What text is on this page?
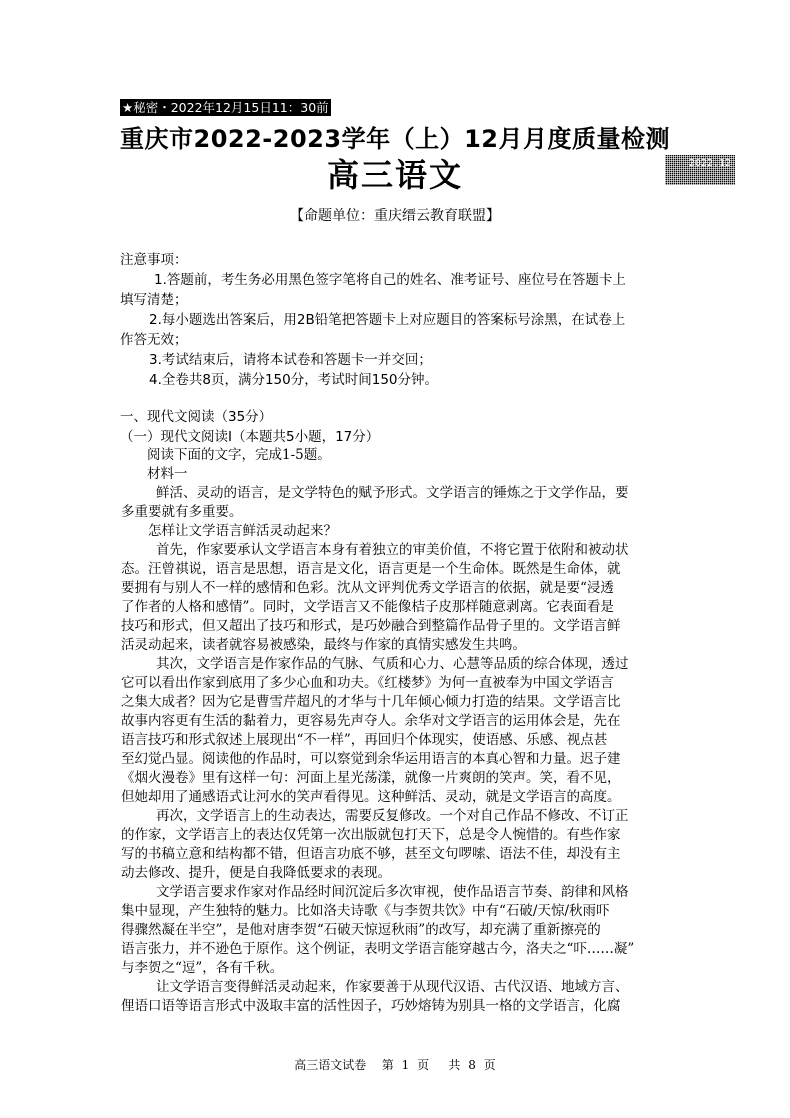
★秘密・2022年12月15日11：30前
重庆市2022-2023学年（上）12月月度质量检测
高三语文	2022.12
【命题单位：重庆缙云教育联盟】
注意事项：
1.答题前，考生务必用黑色签字笔将自己的姓名、准考证号、座位号在答题卡上
填写清楚；
2.每小题选出答案后，用2B铅笔把答题卡上对应题目的答案标号涂黑，在试卷上
作答无效；
3.考试结束后，请将本试卷和答题卡一并交回；
4.全卷共8页，满分150分，考试时间150分钟。
一、现代文阅读（35分）
（一）现代文阅读Ⅰ（本题共5小题，17分）
阅读下面的文字，完成1-5题。
材料一
鲜活、灵动的语言，是文学特色的赋予形式。文学语言的锤炼之于文学作品，要
多重要就有多重要。
怎样让文学语言鲜活灵动起来？
首先，作家要承认文学语言本身有着独立的审美价值，不将它置于依附和被动状
态。汪曾祺说，语言是思想，语言是文化，语言更是一个生命体。既然是生命体，就
要拥有与别人不一样的感情和色彩。沈从文评判优秀文学语言的依据，就是要“浸透
了作者的人格和感情”。同时，文学语言又不能像桔子皮那样随意剥离。它表面看是
技巧和形式，但又超出了技巧和形式，是巧妙融合到整篇作品骨子里的。文学语言鲜
活灵动起来，读者就容易被感染，最终与作家的真情实感发生共鸣。
其次，文学语言是作家作品的气脉、气质和心力、心慧等品质的综合体现，透过
它可以看出作家到底用了多少心血和功夫。《红楼梦》为何一直被奉为中国文学语言
之集大成者？因为它是曹雪芹超凡的才华与十几年倾心倾力打造的结果。文学语言比
故事内容更有生活的黏着力，更容易先声夺人。余华对文学语言的运用体会是，先在
语言技巧和形式叙述上展现出“不一样”，再回归个体现实，使语感、乐感、视点甚
至幻觉凸显。阅读他的作品时，可以察觉到余华运用语言的本真心智和力量。迟子建
《烟火漫卷》里有这样一句：河面上星光荡漾，就像一片爽朗的笑声。笑，看不见，
但她却用了通感语式让河水的笑声看得见。这种鲜活、灵动，就是文学语言的高度。
再次，文学语言上的生动表达，需要反复修改。一个对自己作品不修改、不订正
的作家，文学语言上的表达仅凭第一次出版就包打天下，总是令人惋惜的。有些作家
写的书稿立意和结构都不错，但语言功底不够，甚至文句啰嗦、语法不佳，却没有主
动去修改、提升，便是自我降低要求的表现。
文学语言要求作家对作品经时间沉淀后多次审视，使作品语言节奏、韵律和风格
集中显现，产生独特的魅力。比如洛夫诗歌《与李贺共饮》中有“石破/天惊/秋雨吓
得骤然凝在半空”，是他对唐李贺“石破天惊逗秋雨”的改写，却充满了重新擦亮的
语言张力，并不逊色于原作。这个例证，表明文学语言能穿越古今，洛夫之“吓……凝”
与李贺之“逗”，各有千秋。
让文学语言变得鲜活灵动起来，作家要善于从现代汉语、古代汉语、地域方言、
俚语口语等语言形式中汲取丰富的活性因子，巧妙熔铸为别具一格的文学语言，化腐
高三语文试卷 第 1 页 共 8 页
